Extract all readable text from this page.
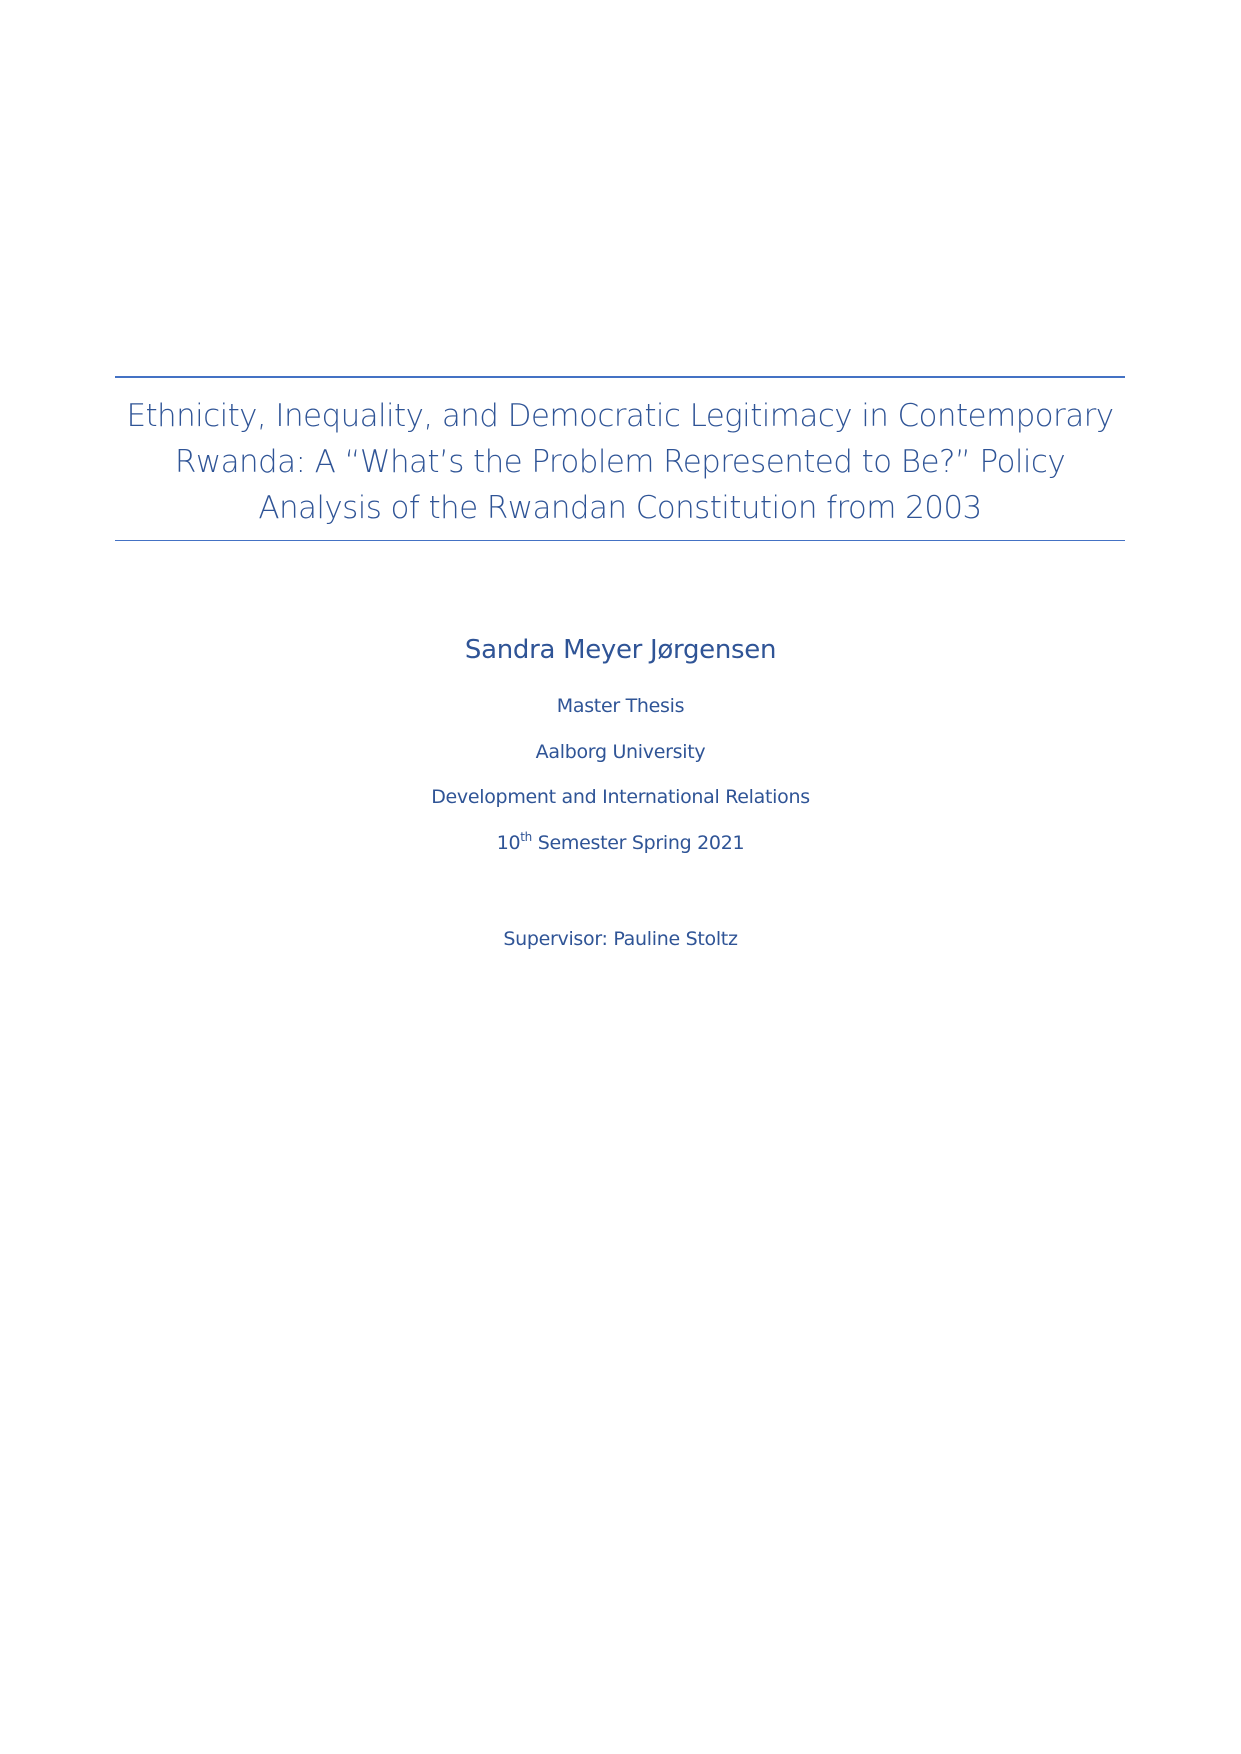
Ethnicity, Inequality, and Democratic Legitimacy in Contemporary
Rwanda: A “What’s the Problem Represented to Be?” Policy
Analysis of the Rwandan Constitution from 2003
Sandra Meyer Jørgensen
Master Thesis
Aalborg University
Development and International Relations
10th Semester Spring 2021
Supervisor: Pauline Stoltz
